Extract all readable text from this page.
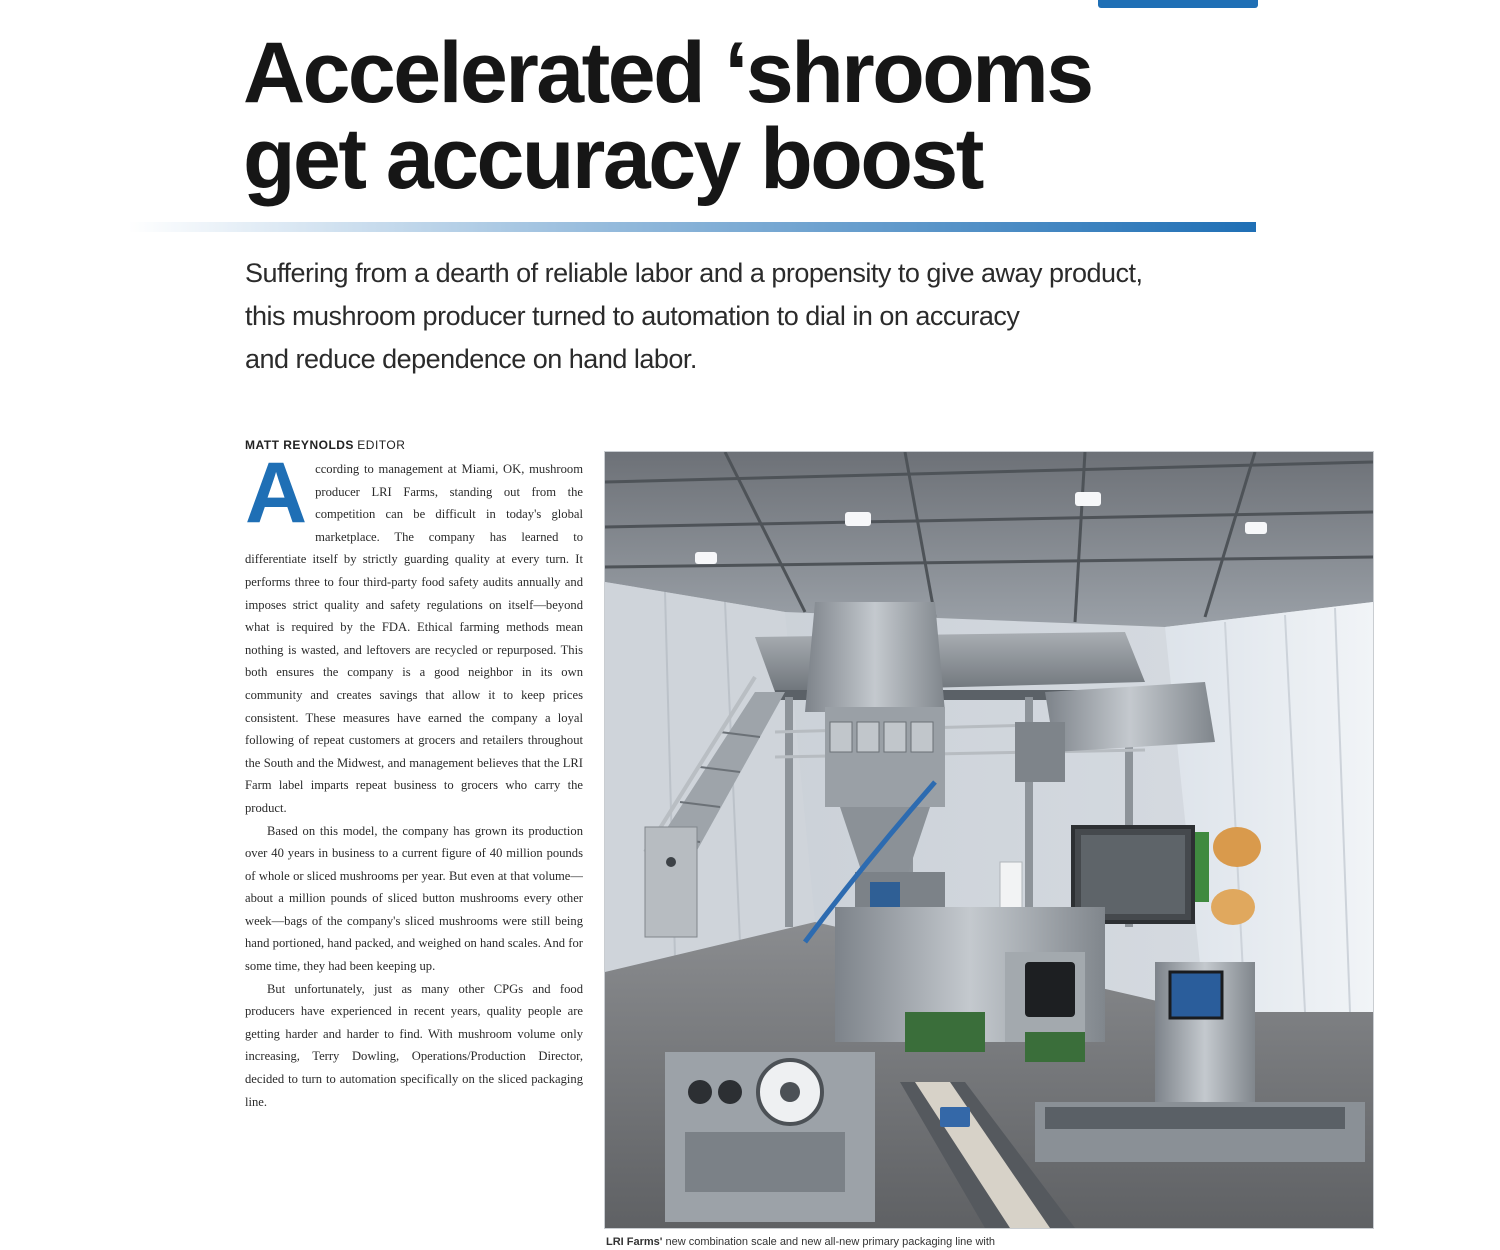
Accelerated ‘shrooms
get accuracy boost

Suffering from a dearth of reliable labor and a propensity to give away product,
this mushroom producer turned to automation to dial in on accuracy
and reduce dependence on hand labor.

MATT REYNOLDS EDITOR

According to management at Miami, OK, mushroom producer LRI Farms, standing out from the competition can be difficult in today's global marketplace. The company has learned to differentiate itself by strictly guarding quality at every turn. It performs three to four third-party food safety audits annually and imposes strict quality and safety regulations on itself—beyond what is required by the FDA. Ethical farming methods mean nothing is wasted, and leftovers are recycled or repurposed. This both ensures the company is a good neighbor in its own community and creates savings that allow it to keep prices consistent. These measures have earned the company a loyal following of repeat customers at grocers and retailers throughout the South and the Midwest, and management believes that the LRI Farm label imparts repeat business to grocers who carry the product.

Based on this model, the company has grown its production over 40 years in business to a current figure of 40 million pounds of whole or sliced mushrooms per year. But even at that volume—about a million pounds of sliced button mushrooms every other week—bags of the company's sliced mushrooms were still being hand portioned, hand packed, and weighed on hand scales. And for some time, they had been keeping up.

But unfortunately, just as many other CPGs and food producers have experienced in recent years, quality people are getting harder and harder to find. With mushroom volume only increasing, Terry Dowling, Operations/Production Director, decided to turn to automation specifically on the sliced packaging line.

LRI Farms' new combination scale and new all-new primary packaging line with
